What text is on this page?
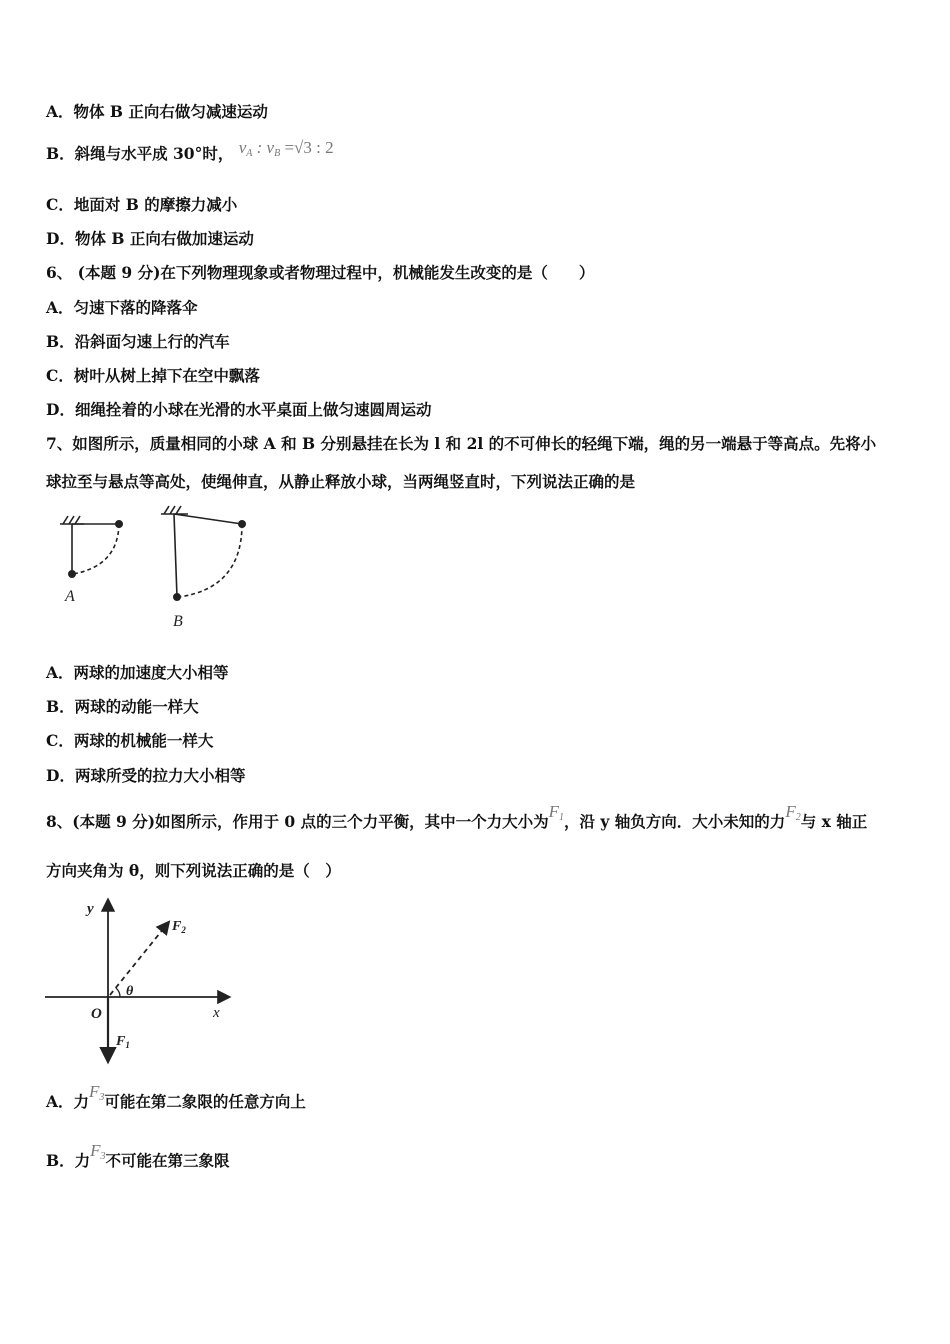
A．物体 B 正向右做匀减速运动
B．斜绳与水平成 30°时， $v_A$ : $v_B =√3$ : 2
C．地面对 B 的摩擦力减小
D．物体 B 正向右做加速运动
6、 (本题 9 分)在下列物理现象或者物理过程中，机械能发生改变的是（　　）
A．匀速下落的降落伞
B．沿斜面匀速上行的汽车
C．树叶从树上掉下在空中飘落
D．细绳拴着的小球在光滑的水平桌面上做匀速圆周运动
7、如图所示，质量相同的小球 A 和 B 分别悬挂在长为 l 和 2l 的不可伸长的轻绳下端，绳的另一端悬于等高点。先将小
球拉至与悬点等高处，使绳伸直，从静止释放小球，当两绳竖直时，下列说法正确的是
A
B
A．两球的加速度大小相等
B．两球的动能一样大
C．两球的机械能一样大
D．两球所受的拉力大小相等
8、(本题 9 分)如图所示，作用于 0 点的三个力平衡，其中一个力大小为$F_1$，沿 y 轴负方向．大小未知的力$F_2$与 x 轴正
方向夹角为 θ，则下列说法正确的是（　）
y
x
O
θ
$F_1$
$F_2$
A．力$F_3$可能在第二象限的任意方向上
B．力$F_3$不可能在第三象限
